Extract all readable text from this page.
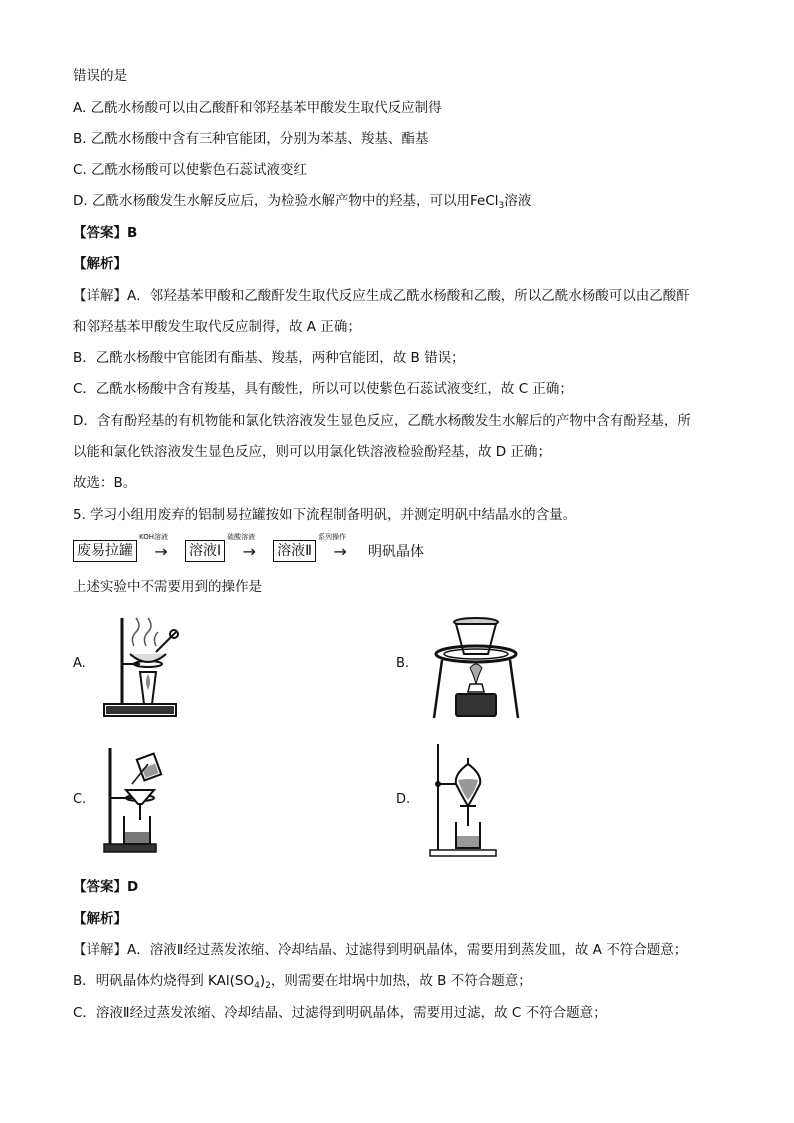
错误的是
A. 乙酰水杨酸可以由乙酸酐和邻羟基苯甲酸发生取代反应制得
B. 乙酰水杨酸中含有三种官能团，分别为苯基、羧基、酯基
C. 乙酰水杨酸可以使紫色石蕊试液变红
D. 乙酰水杨酸发生水解反应后，为检验水解产物中的羟基，可以用FeCl$_3$溶液
【答案】B
【解析】
【详解】A．邻羟基苯甲酸和乙酸酐发生取代反应生成乙酰水杨酸和乙酸，所以乙酰水杨酸可以由乙酸酐
和邻羟基苯甲酸发生取代反应制得，故 A 正确；
B．乙酰水杨酸中官能团有酯基、羧基，两种官能团，故 B 错误；
C．乙酰水杨酸中含有羧基，具有酸性，所以可以使紫色石蕊试液变红，故 C 正确；
D．含有酚羟基的有机物能和氯化铁溶液发生显色反应，乙酰水杨酸发生水解后的产物中含有酚羟基，所
以能和氯化铁溶液发生显色反应，则可以用氯化铁溶液检验酚羟基，故 D 正确；
故选：B。
5. 学习小组用废弃的铝制易拉罐按如下流程制备明矾，并测定明矾中结晶水的含量。
废易拉罐
KOH溶液
→	溶液Ⅰ
硫酸溶液
→	溶液Ⅱ
系列操作
→	明矾晶体
上述实验中不需要用到的操作是
A.	B.
C.	D.
【答案】D
【解析】
【详解】A．溶液Ⅱ经过蒸发浓缩、冷却结晶、过滤得到明矾晶体，需要用到蒸发皿，故 A 不符合题意；
B．明矾晶体灼烧得到 $KAl(SO_4)_2$，则需要在坩埚中加热，故 B 不符合题意；
C．溶液Ⅱ经过蒸发浓缩、冷却结晶、过滤得到明矾晶体，需要用过滤，故 C 不符合题意；
